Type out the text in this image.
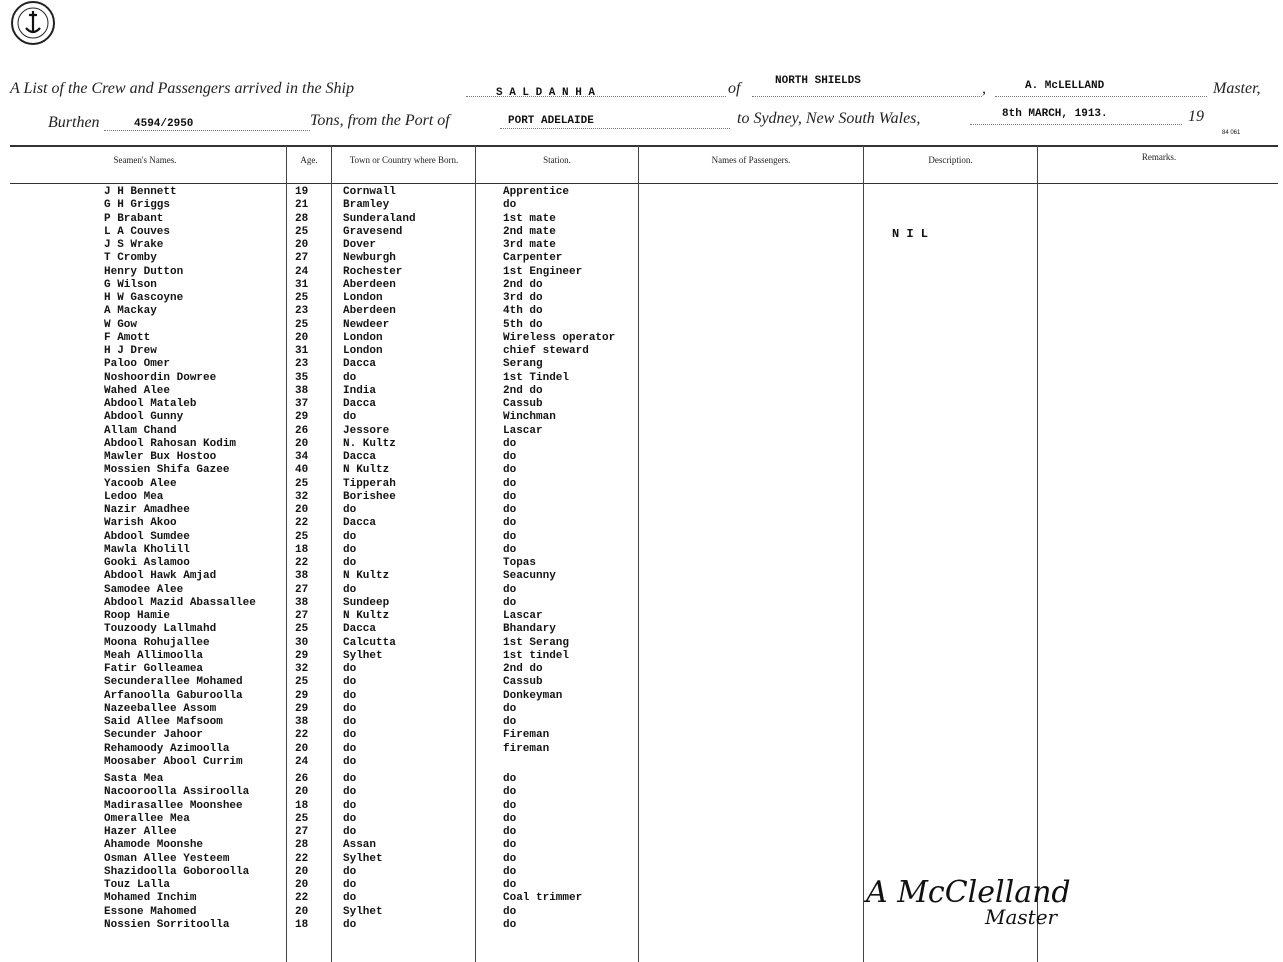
A List of the Crew and Passengers arrived in the Ship	S A L D A N H A	of	NORTH SHIELDS	,	A. McLELLAND	Master,
Burthen	4594/2950	Tons, from the Port of	PORT ADELAIDE	to Sydney, New South Wales,	8th MARCH, 1913.	19
84 061
Seamen's Names.	Age.	Town or Country where Born.	Station.	Names of Passengers.	Description.	Remarks.
N I L
J H Bennett	19	Cornwall	Apprentice
G H Griggs	21	Bramley	do
P Brabant	28	Sunderaland	1st mate
L A Couves	25	Gravesend	2nd mate
J S Wrake	20	Dover	3rd mate
T Cromby	27	Newburgh	Carpenter
Henry Dutton	24	Rochester	1st Engineer
G Wilson	31	Aberdeen	2nd do
H W Gascoyne	25	London	3rd do
A Mackay	23	Aberdeen	4th do
W Gow	25	Newdeer	5th do
F Amott	20	London	Wireless operator
H J Drew	31	London	chief steward
Paloo Omer	23	Dacca	Serang
Noshoordin Dowree	35	do	1st Tindel
Wahed Alee	38	India	2nd do
Abdool Mataleb	37	Dacca	Cassub
Abdool Gunny	29	do	Winchman
Allam Chand	26	Jessore	Lascar
Abdool Rahosan Kodim	20	N. Kultz	do
Mawler Bux Hostoo	34	Dacca	do
Mossien Shifa Gazee	40	N Kultz	do
Yacoob Alee	25	Tipperah	do
Ledoo Mea	32	Borishee	do
Nazir Amadhee	20	do	do
Warish Akoo	22	Dacca	do
Abdool Sumdee	25	do	do
Mawla Kholill	18	do	do
Gooki Aslamoo	22	do	Topas
Abdool Hawk Amjad	38	N Kultz	Seacunny
Samodee Alee	27	do	do
Abdool Mazid Abassallee	38	Sundeep	do
Roop Hamie	27	N Kultz	Lascar
Touzoody Lallmahd	25	Dacca	Bhandary
Moona Rohujallee	30	Calcutta	1st Serang
Meah Allimoolla	29	Sylhet	1st tindel
Fatir Golleamea	32	do	2nd do
Secunderallee Mohamed	25	do	Cassub
Arfanoolla Gaburoolla	29	do	Donkeyman
Nazeeballee Assom	29	do	do
Said Allee Mafsoom	38	do	do
Secunder Jahoor	22	do	Fireman
Rehamoody Azimoolla	20	do	fireman
Moosaber Abool Currim	24	do
Sasta Mea	26	do	do
Nacooroolla Assiroolla	20	do	do
Madirasallee Moonshee	18	do	do
Omerallee Mea	25	do	do
Hazer Allee	27	do	do
Ahamode Moonshe	28	Assan	do
Osman Allee Yesteem	22	Sylhet	do
Shazidoolla Goboroolla	20	do	do
Touz Lalla	20	do	do
Mohamed Inchim	22	do	Coal trimmer
Essone Mahomed	20	Sylhet	do
Nossien Sorritoolla	18	do	do
A McClelland
Master
